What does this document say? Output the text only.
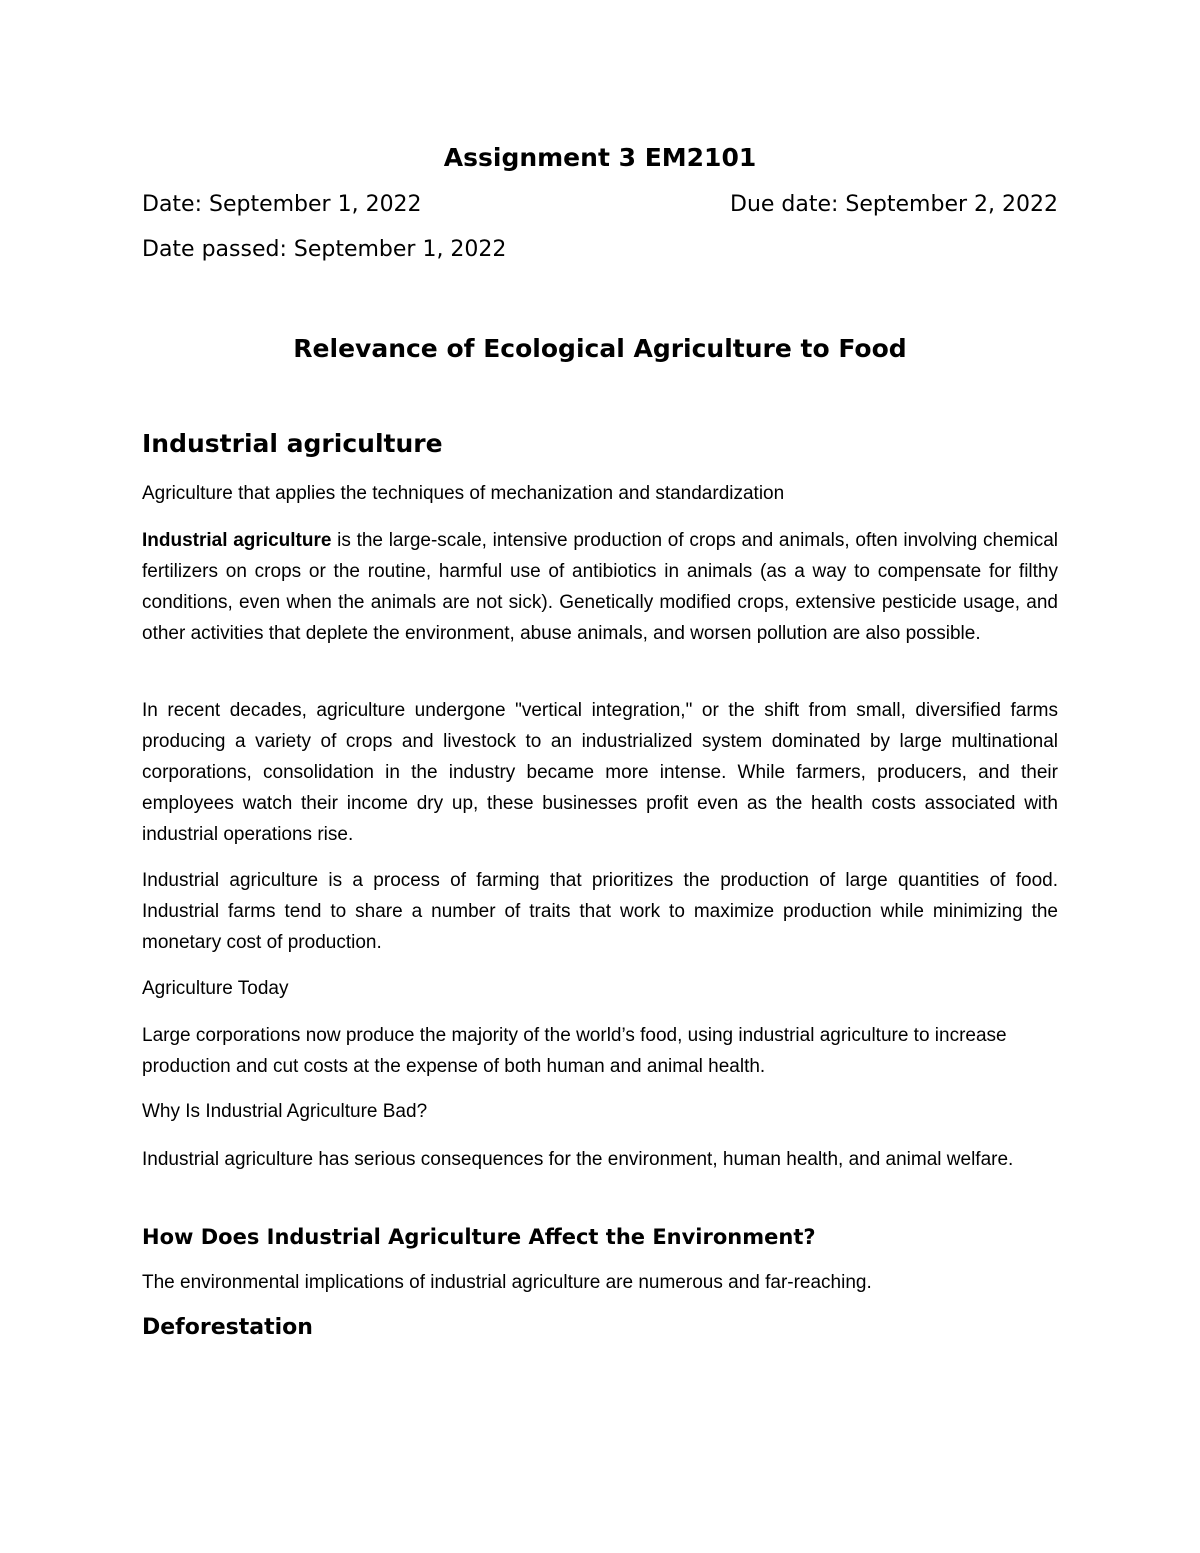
Assignment 3 EM2101
Date: September 1, 2022	Due date: September 2, 2022
Date passed: September 1, 2022
Relevance of Ecological Agriculture to Food
Industrial agriculture

Agriculture that applies the techniques of mechanization and standardization

Industrial agriculture is the large-scale, intensive production of crops and animals, often involving chemical fertilizers on crops or the routine, harmful use of antibiotics in animals (as a way to compensate for filthy conditions, even when the animals are not sick). Genetically modified crops, extensive pesticide usage, and other activities that deplete the environment, abuse animals, and worsen pollution are also possible.

In recent decades, agriculture undergone "vertical integration," or the shift from small, diversified farms producing a variety of crops and livestock to an industrialized system dominated by large multinational corporations, consolidation in the industry became more intense. While farmers, producers, and their employees watch their income dry up, these businesses profit even as the health costs associated with industrial operations rise.

Industrial agriculture is a process of farming that prioritizes the production of large quantities of food. Industrial farms tend to share a number of traits that work to maximize production while minimizing the monetary cost of production.

Agriculture Today

Large corporations now produce the majority of the world’s food, using industrial agriculture to increase production and cut costs at the expense of both human and animal health.

Why Is Industrial Agriculture Bad?

Industrial agriculture has serious consequences for the environment, human health, and animal welfare.

How Does Industrial Agriculture Affect the Environment?

The environmental implications of industrial agriculture are numerous and far-reaching.

Deforestation
